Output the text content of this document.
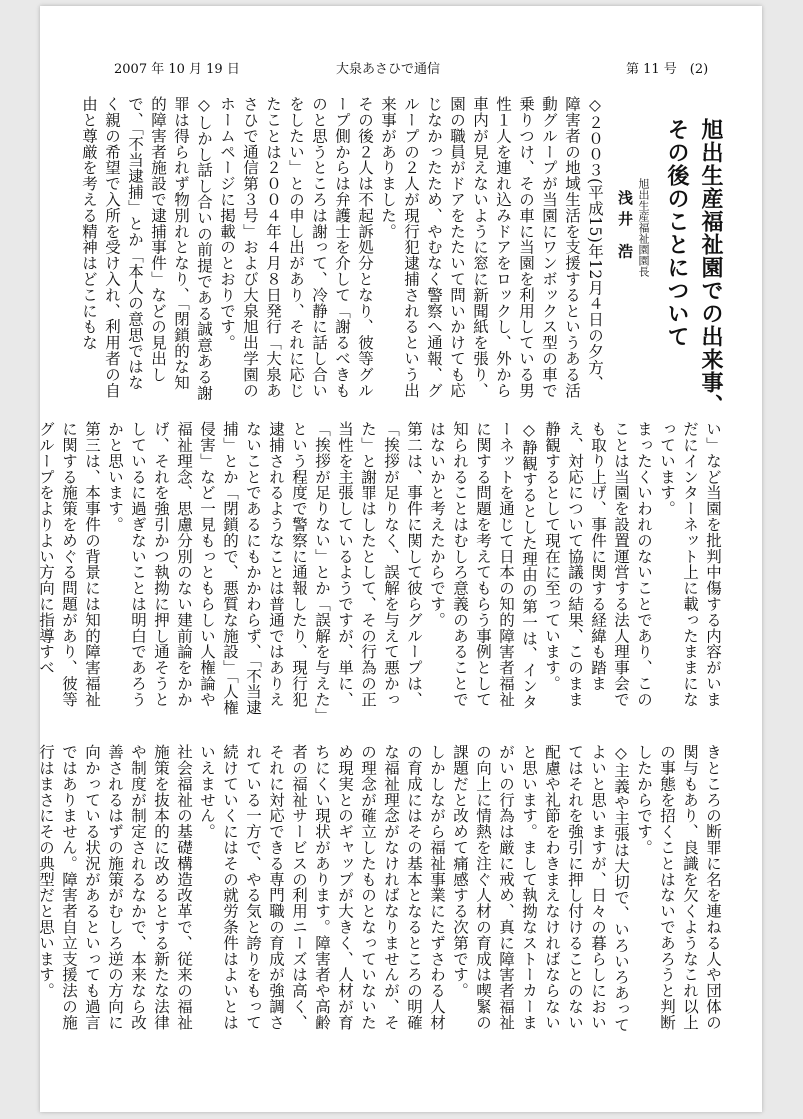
2007 年 10 月 19 日	大泉あさひで通信	第 11 号　(2)
旭出生産福祉園での出来事、
その後のことについて
旭出生産福祉園園長
浅井 浩
◇２００３(平成15)年12月４日の夕方、障害者の地域生活を支援するというある活動グループが当園にワンボックス型の車で乗りつけ、その車に当園を利用している男性１人を連れ込みドアをロックし、外から車内が見えないように窓に新聞紙を張り、園の職員がドアをたたいて問いかけても応じなかったため、やむなく警察へ通報、グループの２人が現行犯逮捕されるという出来事がありました。
その後２人は不起訴処分となり、彼等グループ側からは弁護士を介して「謝るべきものと思うところは謝って、冷静に話し合いをしたい」との申し出があり、それに応じたことは２００４年４月８日発行「大泉あさひで通信第３号」および大泉旭出学園のホームページに掲載のとおりです。
◇しかし話し合いの前提である誠意ある謝罪は得られず物別れとなり、「閉鎖的な知的障害者施設で逮捕事件」などの見出しで、「不当逮捕」とか「本人の意思ではなく親の希望で入所を受け入れ、利用者の自由と尊厳を考える精神はどこにもな
い」など当園を批判中傷する内容がいまだにインターネット上に載ったままになっています。
まったくいわれのないことであり、このことは当園を設置運営する法人理事会でも取り上げ、事件に関する経緯も踏まえ、対応について協議の結果、このまま静観するとして現在に至っています。
◇静観するとした理由の第一は、インターネットを通じて日本の知的障害者福祉に関する問題を考えてもらう事例として知られることはむしろ意義のあることではないかと考えたからです。
第二は、事件に関して彼らグループは、「挨拶が足りなく、誤解を与えて悪かった」と謝罪はしたとして、その行為の正当性を主張しているようですが、単に、「挨拶が足りない」とか「誤解を与えた」という程度で警察に通報したり、現行犯逮捕されるようなことは普通ではありえないことであるにもかかわらず、「不当逮捕」とか「閉鎖的で、悪質な施設」「人権侵害」など一見もっともらしい人権論や福祉理念、思慮分別のない建前論をかかげ、それを強引かつ執拗に押し通そうとしているに過ぎないことは明白であろうかと思います。
第三は、本事件の背景には知的障害福祉に関する施策をめぐる問題があり、彼等グループをよりよい方向に指導すべ
きところの断罪に名を連ねる人や団体の関与もあり、良識を欠くようなこれ以上の事態を招くことはないであろうと判断したからです。
◇主義や主張は大切で、いろいろあってよいと思いますが、日々の暮らしにおいてはそれを強引に押し付けることのない配慮や礼節をわきまえなければならないと思います。まして執拗なストーカーまがいの行為は厳に戒め、真に障害者福祉の向上に情熱を注ぐ人材の育成は喫緊の課題だと改めて痛感する次第です。
しかしながら福祉事業にたずさわる人材の育成にはその基本となるところの明確な福祉理念がなければなりませんが、その理念が確立したものとなっていないため現実とのギャップが大きく、人材が育ちにくい現状があります。障害者や高齢者の福祉サービスの利用ニーズは高く、それに対応できる専門職の育成が強調されている一方で、やる気と誇りをもって続けていくにはその就労条件はよいとはいえません。
社会福祉の基礎構造改革で、従来の福祉施策を抜本的に改めるとする新たな法律や制度が制定されるなかで、本来なら改善されるはずの施策がむしろ逆の方向に向かっている状況があるといっても過言ではありません。障害者自立支援法の施行はまさにその典型だと思います。
